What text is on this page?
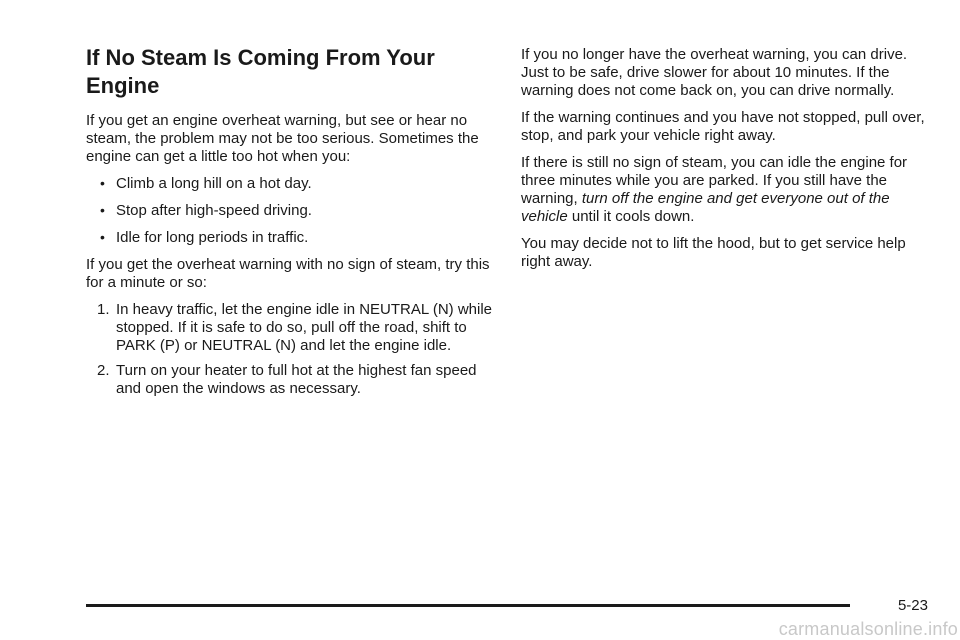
If No Steam Is Coming From Your Engine

If you get an engine overheat warning, but see or hear no steam, the problem may not be too serious. Sometimes the engine can get a little too hot when you:

• Climb a long hill on a hot day.
• Stop after high-speed driving.
• Idle for long periods in traffic.

If you get the overheat warning with no sign of steam, try this for a minute or so:

1. In heavy traffic, let the engine idle in NEUTRAL (N) while stopped. If it is safe to do so, pull off the road, shift to PARK (P) or NEUTRAL (N) and let the engine idle.
2. Turn on your heater to full hot at the highest fan speed and open the windows as necessary.

If you no longer have the overheat warning, you can drive. Just to be safe, drive slower for about 10 minutes. If the warning does not come back on, you can drive normally.

If the warning continues and you have not stopped, pull over, stop, and park your vehicle right away.

If there is still no sign of steam, you can idle the engine for three minutes while you are parked. If you still have the warning, turn off the engine and get everyone out of the vehicle until it cools down.

You may decide not to lift the hood, but to get service help right away.

5-23
carmanualsonline.info
